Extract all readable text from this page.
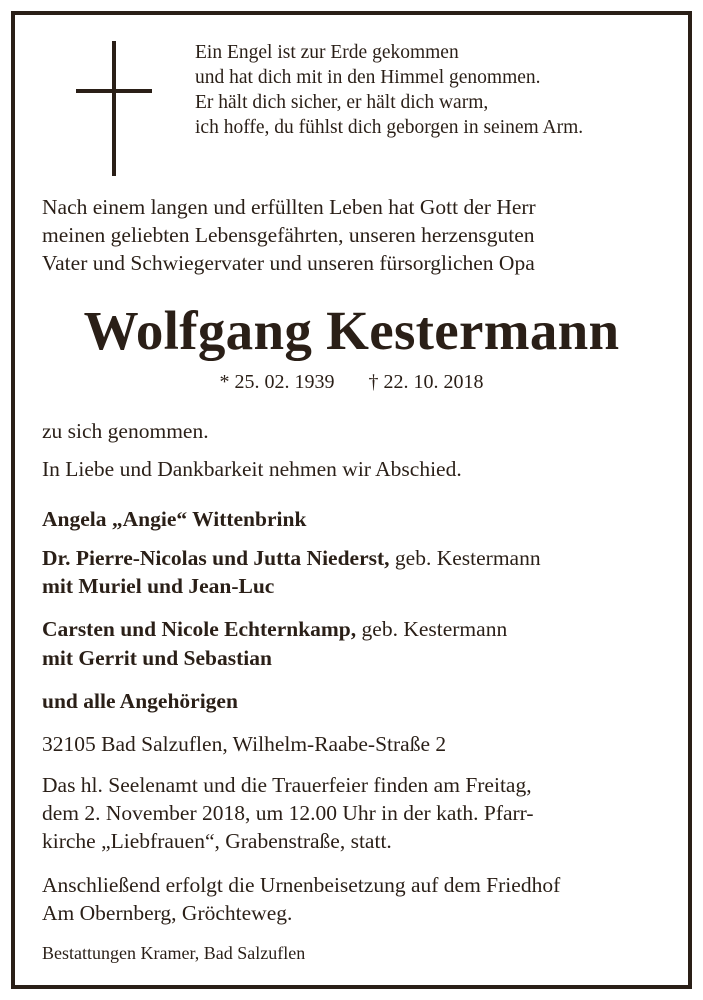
Ein Engel ist zur Erde gekommen
und hat dich mit in den Himmel genommen.
Er hält dich sicher, er hält dich warm,
ich hoffe, du fühlst dich geborgen in seinem Arm.
Nach einem langen und erfüllten Leben hat Gott der Herr
meinen geliebten Lebensgefährten, unseren herzensguten
Vater und Schwiegervater und unseren fürsorglichen Opa
Wolfgang Kestermann
* 25. 02. 1939 † 22. 10. 2018
zu sich genommen.
In Liebe und Dankbarkeit nehmen wir Abschied.
Angela „Angie“ Wittenbrink
Dr. Pierre-Nicolas und Jutta Niederst, geb. Kestermann
mit Muriel und Jean-Luc
Carsten und Nicole Echternkamp, geb. Kestermann
mit Gerrit und Sebastian
und alle Angehörigen
32105 Bad Salzuflen, Wilhelm-Raabe-Straße 2
Das hl. Seelenamt und die Trauerfeier finden am Freitag,
dem 2. November 2018, um 12.00 Uhr in der kath. Pfarr-
kirche „Liebfrauen“, Grabenstraße, statt.
Anschließend erfolgt die Urnenbeisetzung auf dem Friedhof
Am Obernberg, Gröchteweg.
Bestattungen Kramer, Bad Salzuflen
